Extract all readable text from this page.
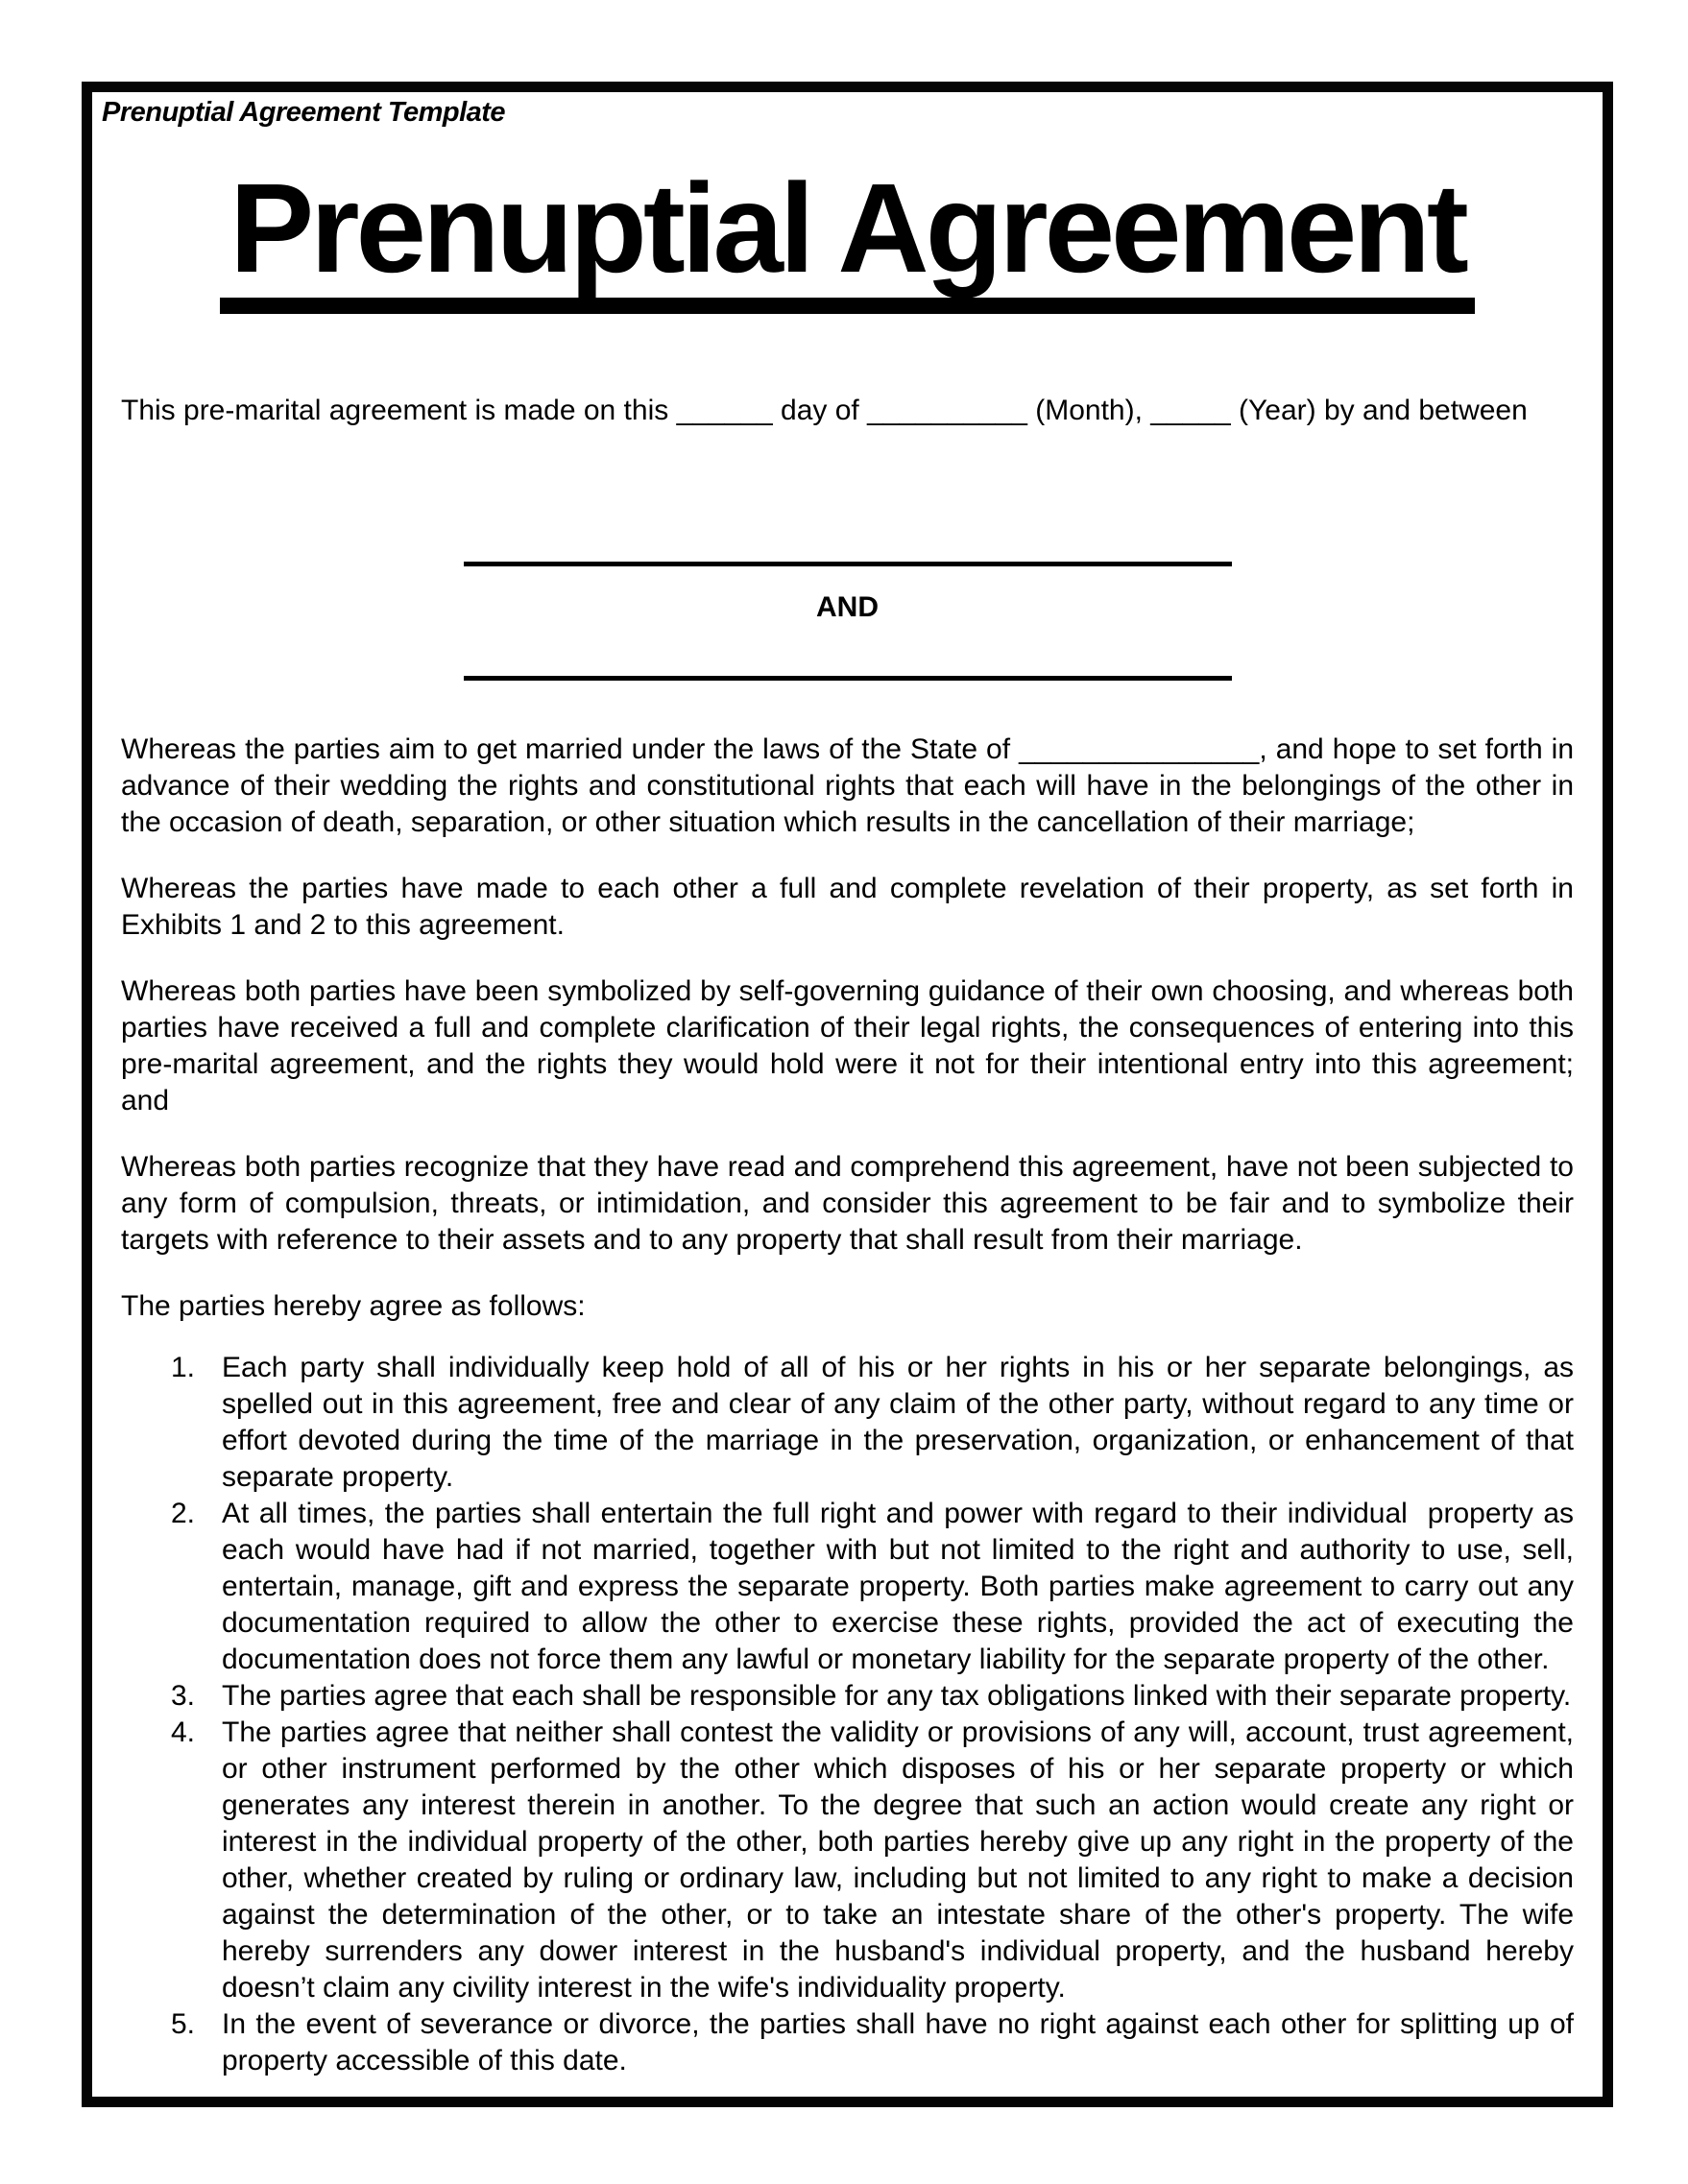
Prenuptial Agreement Template
Prenuptial Agreement
This pre-marital agreement is made on this ______ day of __________ (Month), _____ (Year) by and between
AND
Whereas the parties aim to get married under the laws of the State of _______________, and hope to set forth in advance of their wedding the rights and constitutional rights that each will have in the belongings of the other in the occasion of death, separation, or other situation which results in the cancellation of their marriage;
Whereas the parties have made to each other a full and complete revelation of their property, as set forth in Exhibits 1 and 2 to this agreement.
Whereas both parties have been symbolized by self-governing guidance of their own choosing, and whereas both parties have received a full and complete clarification of their legal rights, the consequences of entering into this pre-marital agreement, and the rights they would hold were it not for their intentional entry into this agreement; and
Whereas both parties recognize that they have read and comprehend this agreement, have not been subjected to any form of compulsion, threats, or intimidation, and consider this agreement to be fair and to symbolize their targets with reference to their assets and to any property that shall result from their marriage.
The parties hereby agree as follows:
1. Each party shall individually keep hold of all of his or her rights in his or her separate belongings, as spelled out in this agreement, free and clear of any claim of the other party, without regard to any time or effort devoted during the time of the marriage in the preservation, organization, or enhancement of that separate property.
2. At all times, the parties shall entertain the full right and power with regard to their individual  property as each would have had if not married, together with but not limited to the right and authority to use, sell, entertain, manage, gift and express the separate property. Both parties make agreement to carry out any documentation required to allow the other to exercise these rights, provided the act of executing the documentation does not force them any lawful or monetary liability for the separate property of the other.
3. The parties agree that each shall be responsible for any tax obligations linked with their separate property.
4. The parties agree that neither shall contest the validity or provisions of any will, account, trust agreement, or other instrument performed by the other which disposes of his or her separate property or which generates any interest therein in another. To the degree that such an action would create any right or interest in the individual property of the other, both parties hereby give up any right in the property of the other, whether created by ruling or ordinary law, including but not limited to any right to make a decision against the determination of the other, or to take an intestate share of the other's property. The wife hereby surrenders any dower interest in the husband's individual property, and the husband hereby doesn’t claim any civility interest in the wife's individuality property.
5. In the event of severance or divorce, the parties shall have no right against each other for splitting up of property accessible of this date.
